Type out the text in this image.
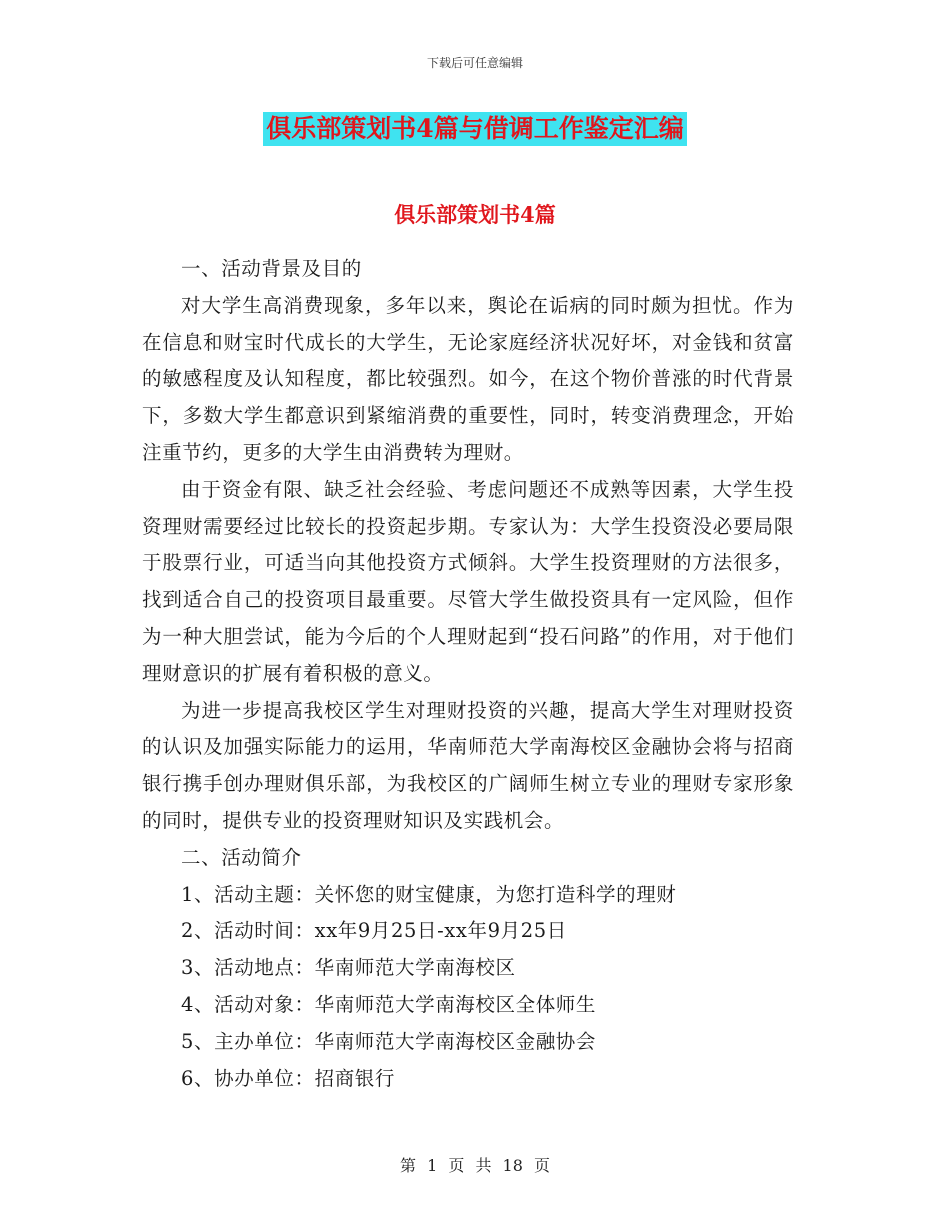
下载后可任意编辑
俱乐部策划书4篇与借调工作鉴定汇编
俱乐部策划书4篇

一、活动背景及目的

对大学生高消费现象，多年以来，舆论在诟病的同时颇为担忧。作为在信息和财宝时代成长的大学生，无论家庭经济状况好坏，对金钱和贫富的敏感程度及认知程度，都比较强烈。如今，在这个物价普涨的时代背景下，多数大学生都意识到紧缩消费的重要性，同时，转变消费理念，开始注重节约，更多的大学生由消费转为理财。

由于资金有限、缺乏社会经验、考虑问题还不成熟等因素，大学生投资理财需要经过比较长的投资起步期。专家认为：大学生投资没必要局限于股票行业，可适当向其他投资方式倾斜。大学生投资理财的方法很多，找到适合自己的投资项目最重要。尽管大学生做投资具有一定风险，但作为一种大胆尝试，能为今后的个人理财起到“投石问路”的作用，对于他们理财意识的扩展有着积极的意义。

为进一步提高我校区学生对理财投资的兴趣，提高大学生对理财投资的认识及加强实际能力的运用，华南师范大学南海校区金融协会将与招商银行携手创办理财俱乐部，为我校区的广阔师生树立专业的理财专家形象的同时，提供专业的投资理财知识及实践机会。

二、活动简介

1、活动主题：关怀您的财宝健康，为您打造科学的理财

2、活动时间：xx年9月25日-xx年9月25日

3、活动地点：华南师范大学南海校区

4、活动对象：华南师范大学南海校区全体师生

5、主办单位：华南师范大学南海校区金融协会

6、协办单位：招商银行

第 1 页 共 18 页
